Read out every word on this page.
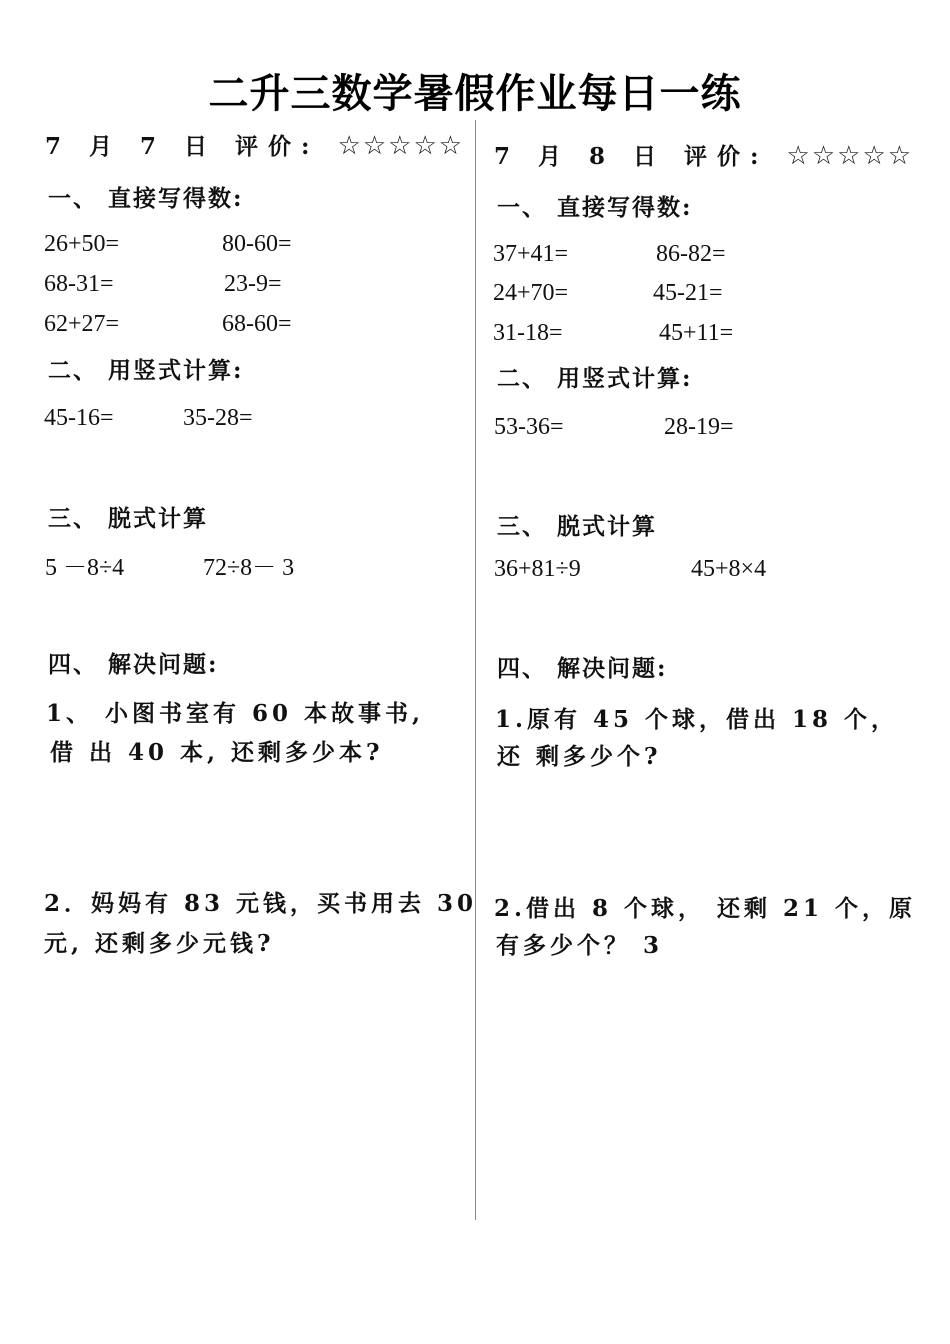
二升三数学暑假作业每日一练
7 月 7 日 评价: ☆☆☆☆☆
一、 直接写得数:
26+50=	80-60=
68-31=	23-9=
62+27=	68-60=
二、 用竖式计算:
45-16=	35-28=
三、 脱式计算
5 －8÷4	72÷8－ 3
四、 解决问题:
1、 小图书室有 60 本故事书,
借 出 40 本, 还剩多少本?
2．妈妈有 83 元钱，买书用去 30
元, 还剩多少元钱?
7 月 8 日 评价: ☆☆☆☆☆
一、 直接写得数:
37+41=	86-82=
24+70=	45-21=
31-18=	45+11=
二、 用竖式计算:
53-36=	28-19=
三、 脱式计算
36+81÷9	45+8×4
四、 解决问题:
1.原有 45 个球，借出 18 个，
还 剩多少个?
2.借出 8 个球， 还剩 21 个，原
有多少个？ 3
